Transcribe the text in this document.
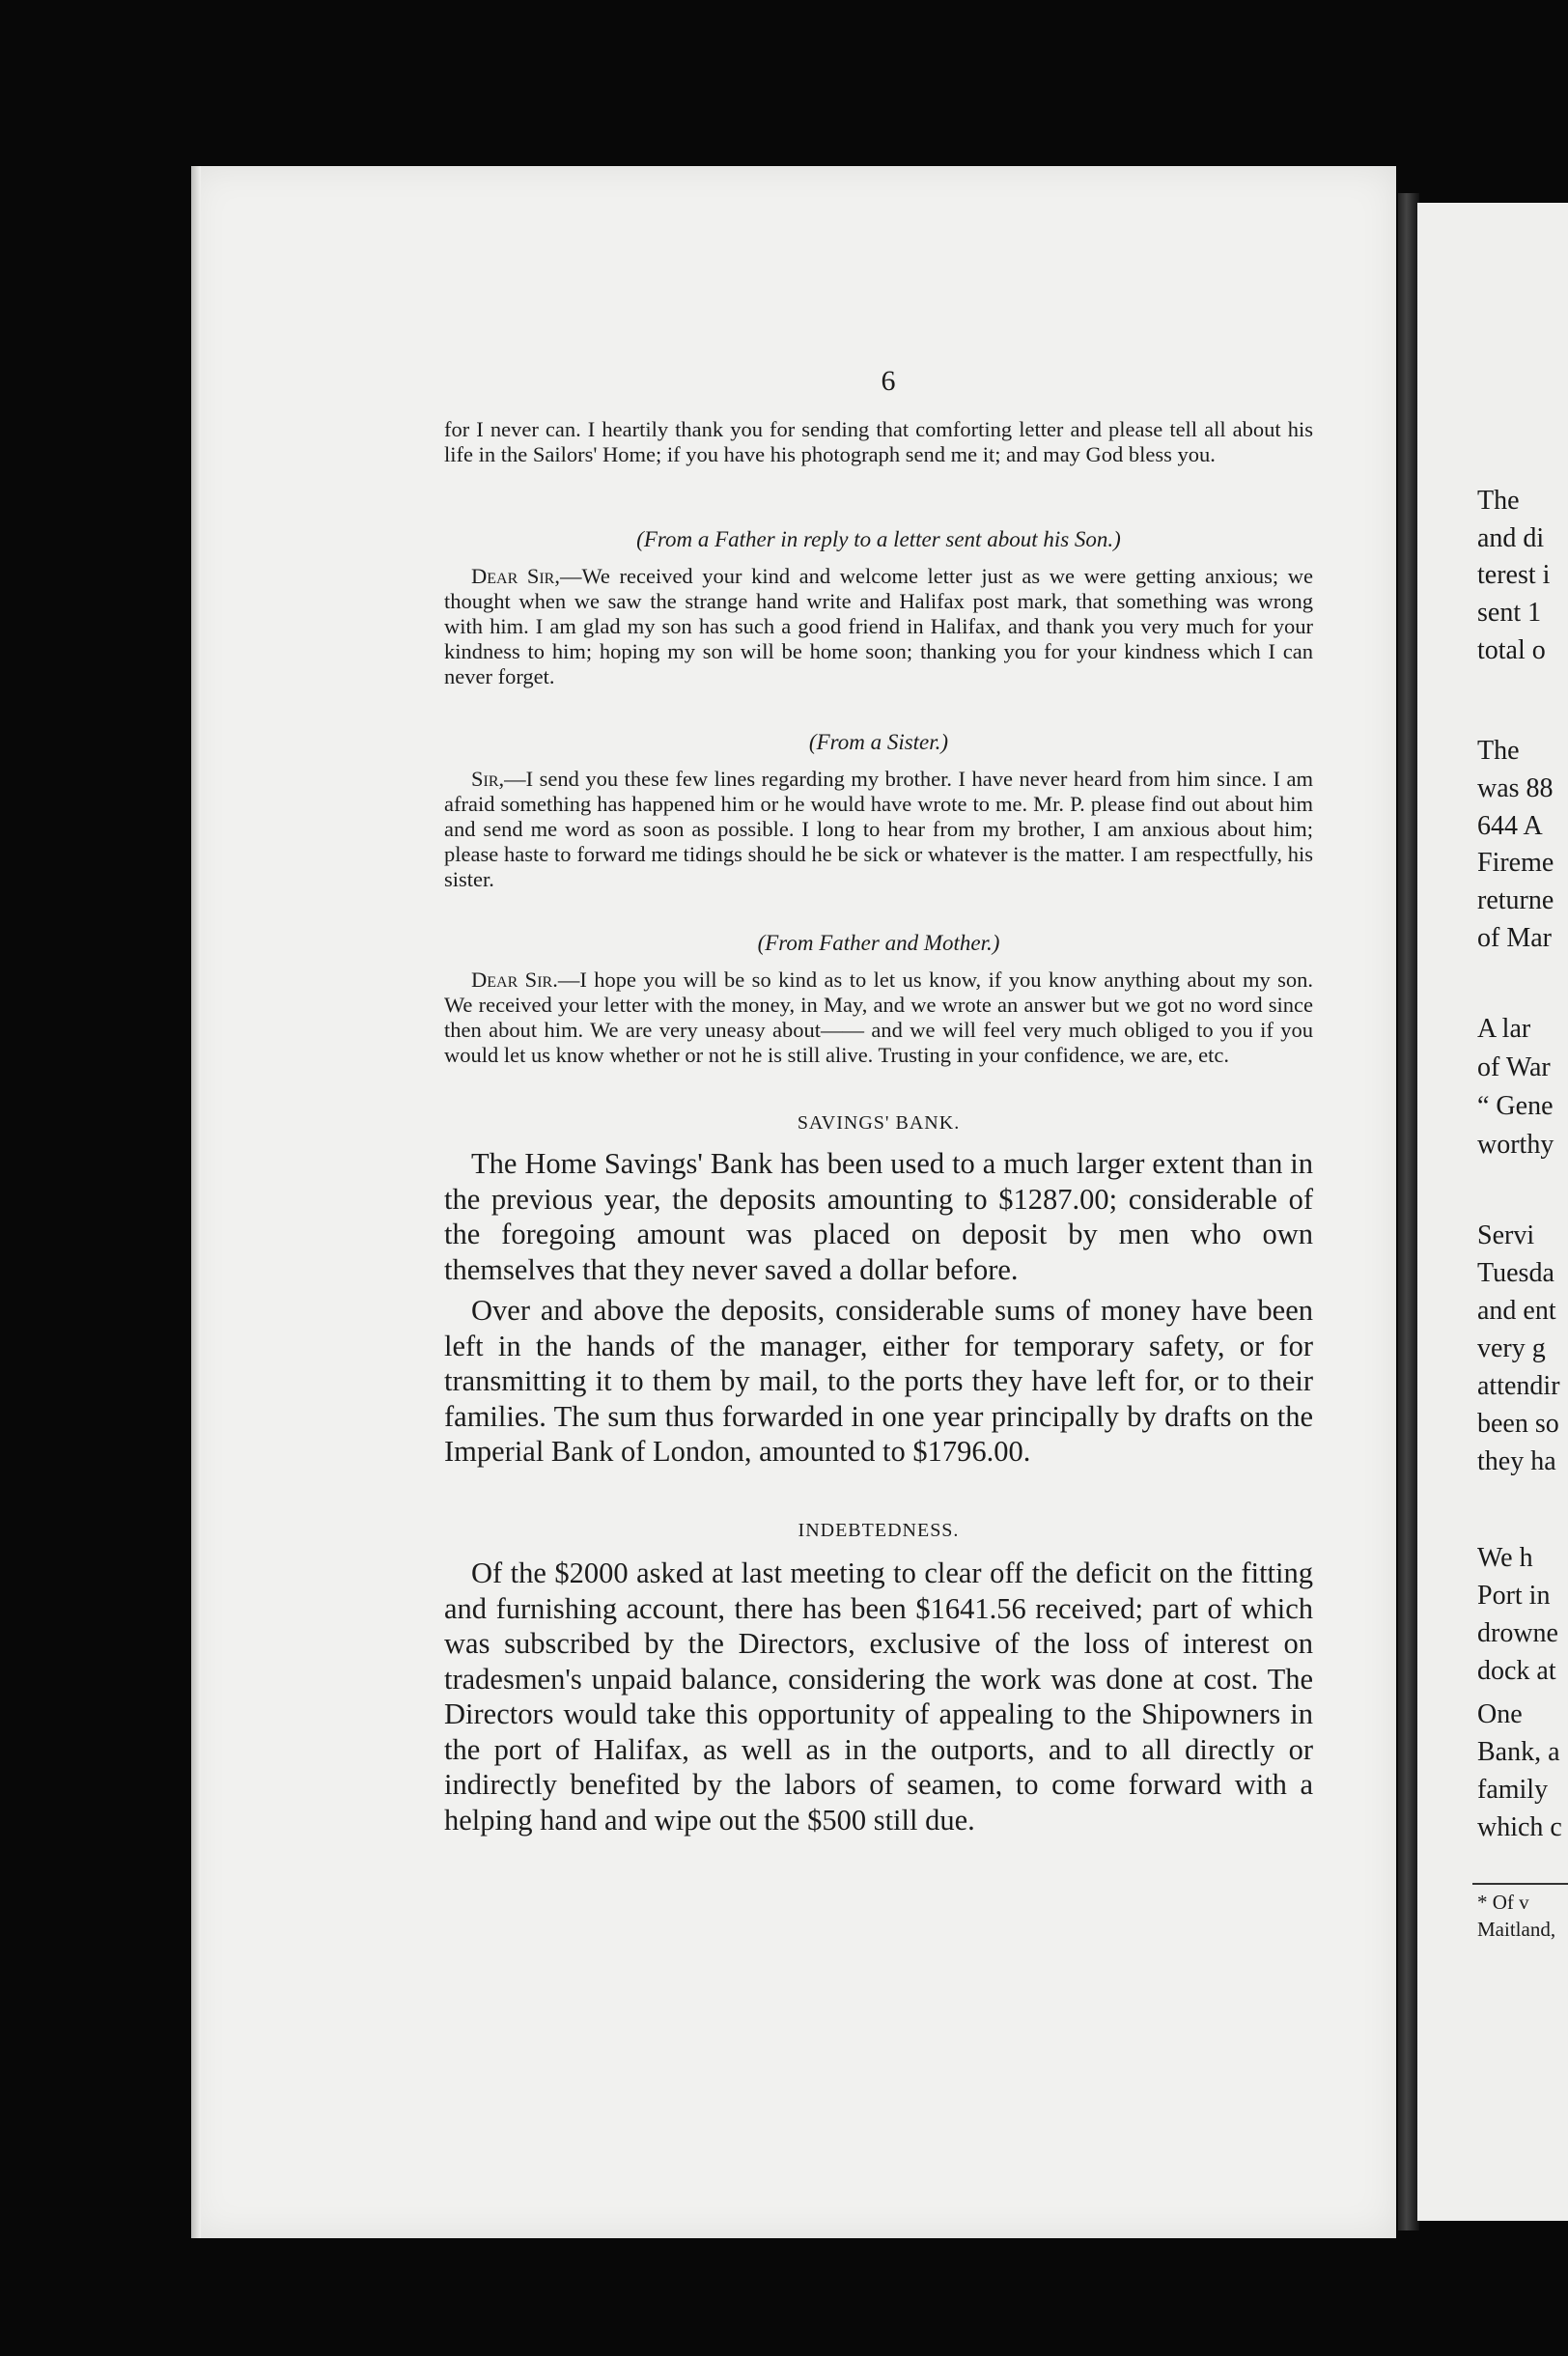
6

for I never can. I heartily thank you for sending that comforting letter and please tell all about his life in the Sailors' Home; if you have his photograph send me it; and may God bless you.

(From a Father in reply to a letter sent about his Son.)

Dear Sir,—We received your kind and welcome letter just as we were getting anxious; we thought when we saw the strange hand write and Halifax post mark, that something was wrong with him. I am glad my son has such a good friend in Halifax, and thank you very much for your kindness to him; hoping my son will be home soon; thanking you for your kindness which I can never forget.

(From a Sister.)

Sir,—I send you these few lines regarding my brother. I have never heard from him since. I am afraid something has happened him or he would have wrote to me. Mr. P. please find out about him and send me word as soon as possible. I long to hear from my brother, I am anxious about him; please haste to forward me tidings should he be sick or whatever is the matter. I am respectfully, his sister.

(From Father and Mother.)

Dear Sir.—I hope you will be so kind as to let us know, if you know anything about my son. We received your letter with the money, in May, and we wrote an answer but we got no word since then about him. We are very uneasy about—— and we will feel very much obliged to you if you would let us know whether or not he is still alive. Trusting in your confidence, we are, etc.

SAVINGS' BANK.

The Home Savings' Bank has been used to a much larger extent than in the previous year, the deposits amounting to $1287.00; considerable of the foregoing amount was placed on deposit by men who own themselves that they never saved a dollar before.

Over and above the deposits, considerable sums of money have been left in the hands of the manager, either for temporary safety, or for transmitting it to them by mail, to the ports they have left for, or to their families. The sum thus forwarded in one year principally by drafts on the Imperial Bank of London, amounted to $1796.00.

INDEBTEDNESS.

Of the $2000 asked at last meeting to clear off the deficit on the fitting and furnishing account, there has been $1641.56 received; part of which was subscribed by the Directors, exclusive of the loss of interest on tradesmen's unpaid balance, considering the work was done at cost. The Directors would take this opportunity of appealing to the Shipowners in the port of Halifax, as well as in the outports, and to all directly or indirectly benefited by the labors of seamen, to come forward with a helping hand and wipe out the $500 still due.

The
and di
terest i
sent 1
total o
The
was 88
644 A
Fireme
returne
of Mar
A lar
of War
“ Gene
worthy
Servi
Tuesda
and ent
very g
attendir
been so
they ha
We h
Port in
drowne
dock at
One
Bank, a
family
which c
* Of v
Maitland,
